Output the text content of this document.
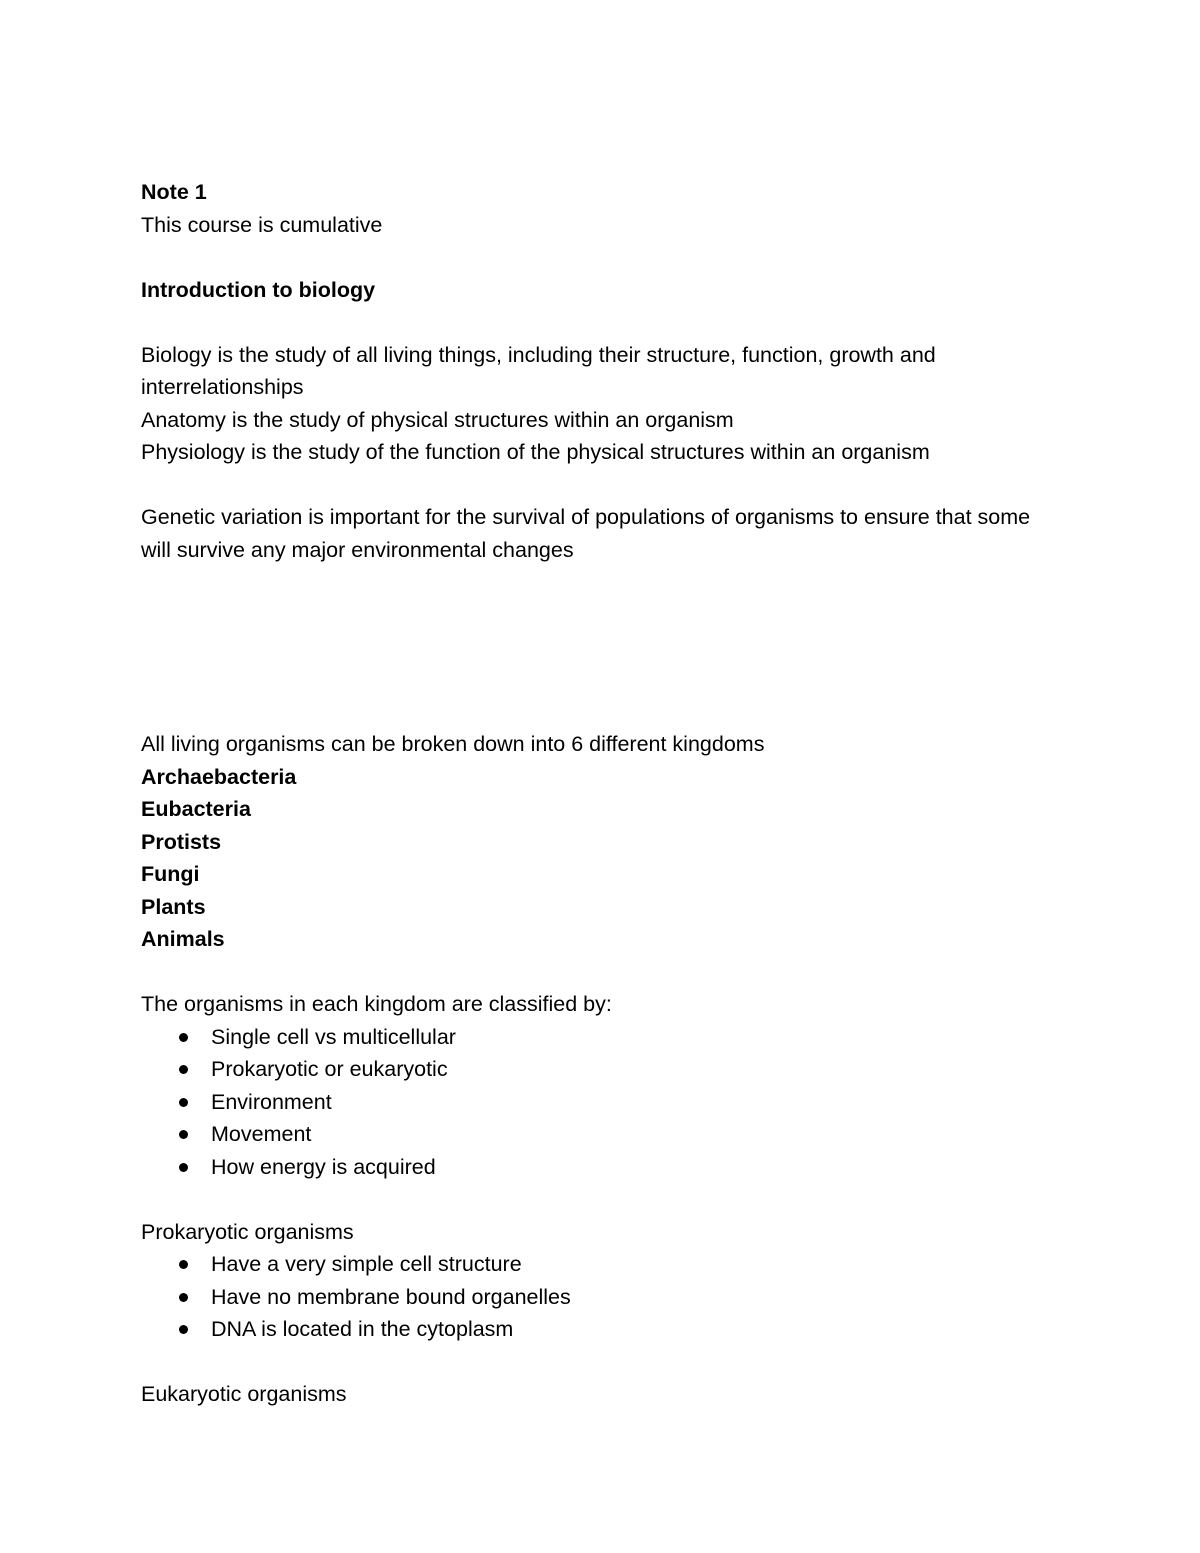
Note 1

This course is cumulative

Introduction to biology

Biology is the study of all living things, including their structure, function, growth and interrelationships

Anatomy is the study of physical structures within an organism

Physiology is the study of the function of the physical structures within an organism

Genetic variation is important for the survival of populations of organisms to ensure that some will survive any major environmental changes

All living organisms can be broken down into 6 different kingdoms

Archaebacteria

Eubacteria

Protists

Fungi

Plants

Animals

The organisms in each kingdom are classified by:

Single cell vs multicellular
Prokaryotic or eukaryotic
Environment
Movement
How energy is acquired

Prokaryotic organisms

Have a very simple cell structure
Have no membrane bound organelles
DNA is located in the cytoplasm

Eukaryotic organisms
